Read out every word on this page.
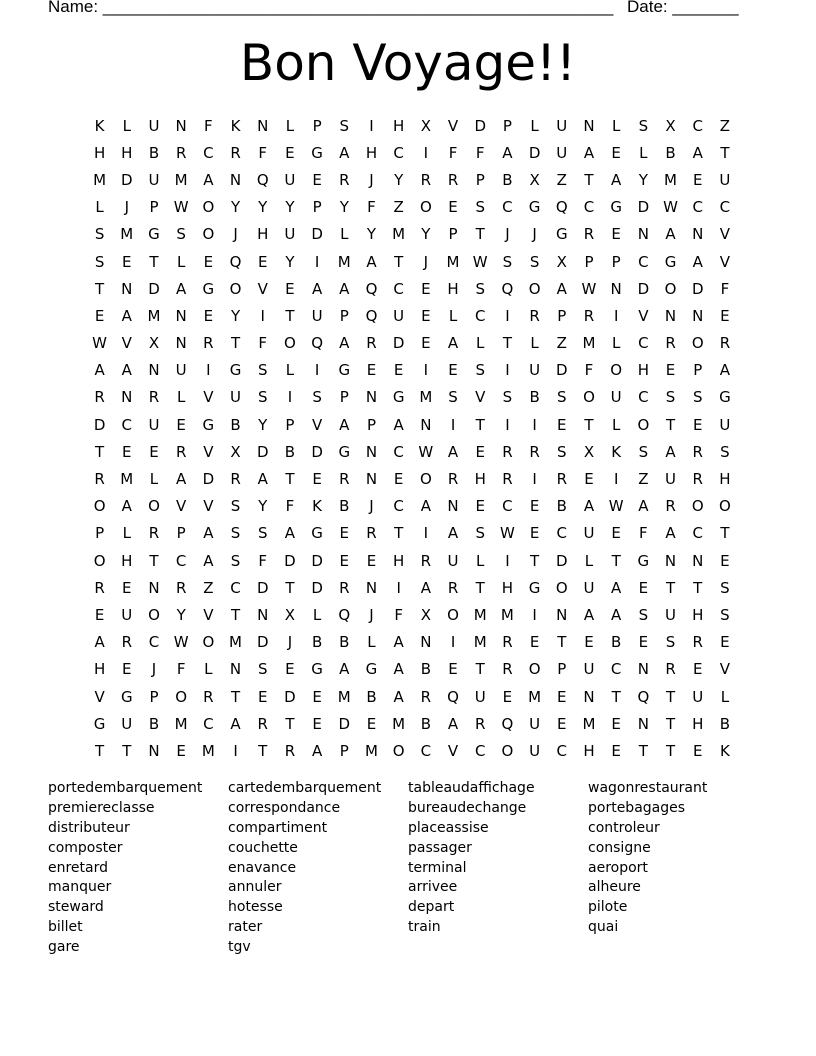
Name: ______________________________________________________ Date: _______
Bon Voyage!!
K	L	U	N	F	K	N	L	P	S	I	H	X	V	D	P	L	U	N	L	S	X	C	Z
H	H	B	R	C	R	F	E	G	A	H	C	I	F	F	A	D	U	A	E	L	B	A	T
M D	U	M	A	N	Q	U	E	R	J	Y	R	R	P	B	X	Z	T	A	Y	M	E	U
L	J	P	W O	Y	Y	Y	P	Y	F	Z	O	E	S	C	G	Q	C	G	D W C	C
S	M G	S	O	J	H	U	D	L	Y	M	Y	P	T	J	J	G	R	E	N	A	N	V
S	E	T	L	E	Q	E	Y	I	M	A	T	J	M W	S	S	X	P	P	C	G	A	V
T	N	D	A	G	O	V	E	A	A	Q	C	E	H	S	Q	O	A W N	D	O	D	F
E	A	M	N	E	Y	I	T	U	P	Q	U	E	L	C	I	R	P	R	I	V	N	N	E
W V	X	N	R	T	F	O	Q	A	R	D	E	A	L	T	L	Z	M	L	C	R	O	R
A	A	N	U	I	G	S	L	I	G	E	E	I	E	S	I	U	D	F	O	H	E	P	A
R	N	R	L	V	U	S	I	S	P	N	G M	S	V	S	B	S	O	U	C	S	S	G
D	C	U	E	G	B	Y	P	V	A	P	A	N	I	T	I	I	E	T	L	O	T	E	U
T	E	E	R	V	X	D	B	D	G	N	C W A	E	R	R	S	X	K	S	A	R	S
R	M	L	A	D	R	A	T	E	R	N	E	O	R	H	R	I	R	E	I	Z	U	R	H
O	A	O	V	V	S	Y	F	K	B	J	C	A	N	E	C	E	B	A W A	R	O	O
P	L	R	P	A	S	S	A	G	E	R	T	I	A	S	W	E	C	U	E	F	A	C	T
O	H	T	C	A	S	F	D	D	E	E	H	R	U	L	I	T	D	L	T	G	N	N	E
R	E	N	R	Z	C	D	T	D	R	N	I	A	R	T	H	G	O	U	A	E	T	T	S
E	U	O	Y	V	T	N	X	L	Q	J	F	X	O M M	I	N	A	A	S	U	H	S
A	R	C W O M D	J	B	B	L	A	N	I	M	R	E	T	E	B	E	S	R	E
H	E	J	F	L	N	S	E	G	A	G	A	B	E	T	R	O	P	U	C	N	R	E	V
V	G	P	O	R	T	E	D	E	M	B	A	R	Q	U	E	M	E	N	T	Q	T	U	L
G	U	B	M	C	A	R	T	E	D	E	M	B	A	R	Q	U	E	M	E	N	T	H	B
T	T	N	E	M	I	T	R	A	P	M O	C	V	C	O	U	C	H	E	T	T	E	K
portedembarquement
premiereclasse
distributeur
composter
enretard
manquer
steward
billet
gare
cartedembarquement
correspondance
compartiment
couchette
enavance
annuler
hotesse
rater
tgv
tableaudaffichage
bureaudechange
placeassise
passager
terminal
arrivee
depart
train
wagonrestaurant
portebagages
controleur
consigne
aeroport
alheure
pilote
quai
